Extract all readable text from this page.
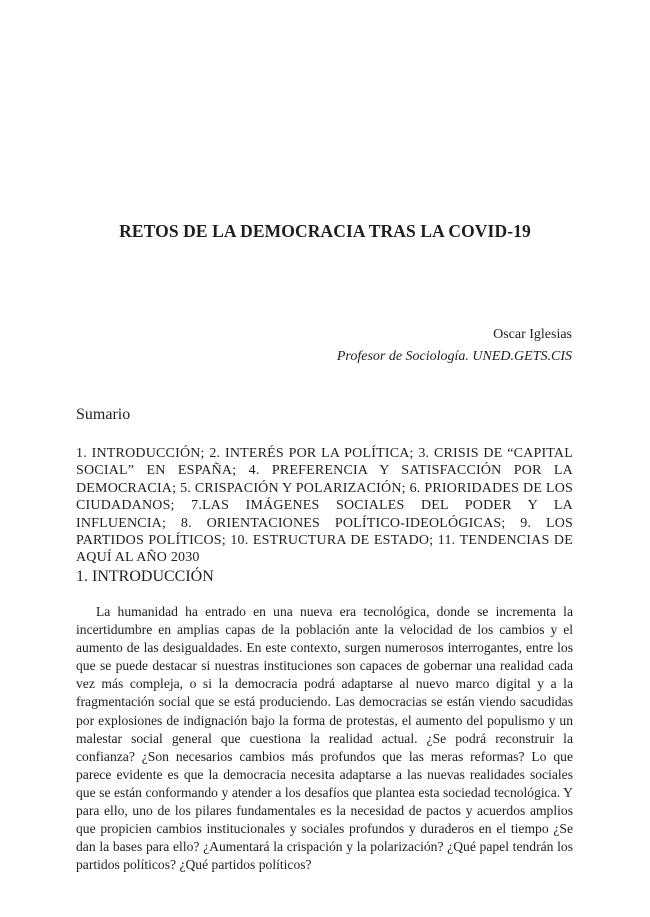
RETOS DE LA DEMOCRACIA TRAS LA COVID-19
Oscar Iglesias
Profesor de Sociología. UNED.GETS.CIS
Sumario
1. INTRODUCCIÓN; 2. INTERÉS POR LA POLÍTICA; 3. CRISIS DE “CAPITAL SOCIAL” EN ESPAÑA; 4. PREFERENCIA Y SATISFACCIÓN POR LA DEMOCRACIA; 5. CRISPACIÓN Y POLARIZACIÓN; 6. PRIORIDADES DE LOS CIUDADANOS; 7.LAS IMÁGENES SOCIALES DEL PODER Y LA INFLUENCIA; 8. ORIENTACIONES POLÍTICO-IDEOLÓGICAS; 9. LOS PARTIDOS POLÍTICOS; 10. ESTRUCTURA DE ESTADO; 11. TENDENCIAS DE AQUÍ AL AÑO 2030
1. INTRODUCCIÓN
La humanidad ha entrado en una nueva era tecnológica, donde se incrementa la incertidumbre en amplias capas de la población ante la velocidad de los cambios y el aumento de las desigualdades. En este contexto, surgen numerosos interrogantes, entre los que se puede destacar si nuestras instituciones son capaces de gobernar una realidad cada vez más compleja, o si la democracia podrá adaptarse al nuevo marco digital y a la fragmentación social que se está produciendo. Las democracias se están viendo sacudidas por explosiones de indignación bajo la forma de protestas, el aumento del populismo y un malestar social general que cuestiona la realidad actual. ¿Se podrá reconstruir la confianza? ¿Son necesarios cambios más profundos que las meras reformas? Lo que parece evidente es que la democracia necesita adaptarse a las nuevas realidades sociales que se están conformando y atender a los desafíos que plantea esta sociedad tecnológica. Y para ello, uno de los pilares fundamentales es la necesidad de pactos y acuerdos amplios que propicien cambios institucionales y sociales profundos y duraderos en el tiempo ¿Se dan la bases para ello? ¿Aumentará la crispación y la polarización? ¿Qué papel tendrán los partidos políticos? ¿Qué partidos políticos?
